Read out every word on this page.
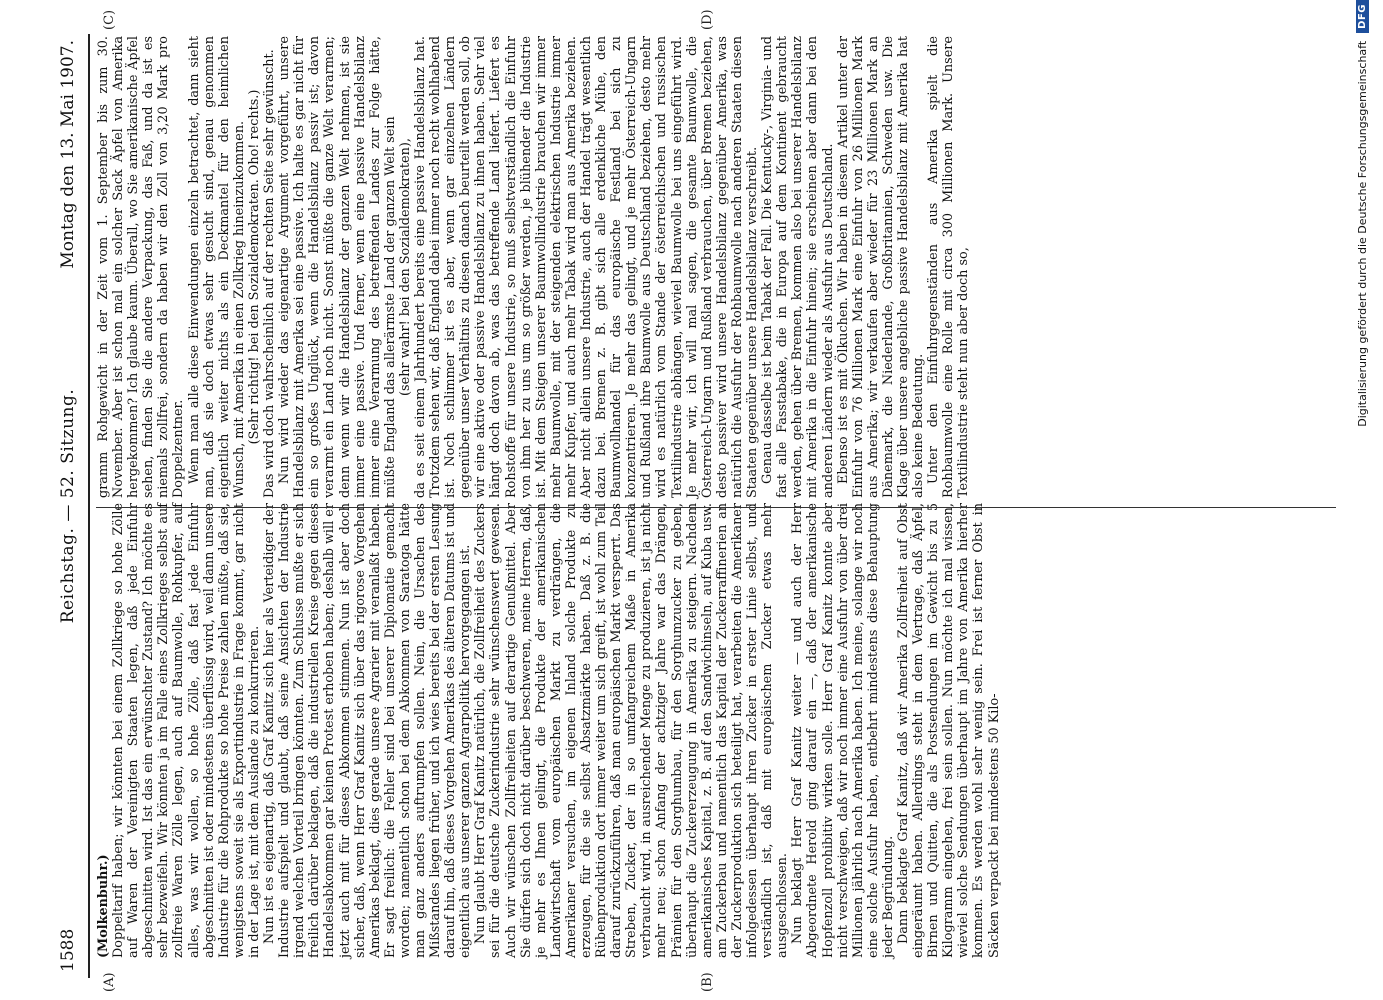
1588
Reichstag. — 52. Sitzung.
Montag den 13. Mai 1907.
(A)	(B)
(C)	(D)

(Molkenbuhr.) Doppeltarif haben; wir könnten bei einem Zollkriege so hohe Zölle auf Waren der Vereinigten Staaten legen, daß jede Einfuhr abgeschnitten wird. Ist das ein erwünschter Zustand? Ich möchte es sehr bezweifeln. Wir könnten ja im Falle eines Zollkrieges selbst auf zollfreie Waren Zölle legen, auch auf Baumwolle, Rohkupfer, auf alles, was wir wollen, so hohe Zölle, daß fast jede Einfuhr abgeschnitten ist oder mindestens überflüssig wird, weil dann unsere Industrie für die Rohprodukte so hohe Preise zahlen müßte, daß sie, wenigstens soweit sie als Exportindustrie in Frage kommt, gar nicht in der Lage ist, mit dem Auslande zu konkurrieren. Nun ist es eigenartig, daß Graf Kanitz sich hier als Verteidiger der Industrie aufspielt und glaubt, daß seine Ansichten der Industrie irgend welchen Vorteil bringen könnten. Zum Schlusse mußte er sich freilich darüber beklagen, daß die industriellen Kreise gegen dieses Handelsabkommen gar keinen Protest erhoben haben; deshalb will er jetzt auch mit für dieses Abkommen stimmen. Nun ist aber doch sicher, daß, wenn Herr Graf Kanitz sich über das rigorose Vorgehen Amerikas beklagt, dies gerade unsere Agrarier mit veranlaßt haben. Er sagt freilich: die Fehler sind bei unserer Diplomatie gemacht worden; namentlich schon bei dem Abkommen von Saratoga hätte man ganz anders auftrumpfen sollen. Nein, die Ursachen des Mißstandes liegen früher, und ich wies bereits bei der ersten Lesung darauf hin, daß dieses Vorgehen Amerikas des älteren Datums ist und eigentlich aus unserer ganzen Agrarpolitik hervorgegangen ist. Nun glaubt Herr Graf Kanitz natürlich, die Zollfreiheit des Zuckers sei für die deutsche Zuckerindustrie sehr wünschenswert gewesen. Auch wir wünschen Zollfreiheiten auf derartige Genußmittel. Aber Sie dürfen sich doch nicht darüber beschweren, meine Herren, daß, je mehr es Ihnen gelingt, die Produkte der amerikanischen Landwirtschaft vom europäischen Markt zu verdrängen, die Amerikaner versuchen, im eigenen Inland solche Produkte zu erzeugen, für die sie selbst Absatzmärkte haben. Daß z. B. die Rübenproduktion dort immer weiter um sich greift, ist wohl zum Teil darauf zurückzuführen, daß man europäischen Markt versperrt. Das Streben, Zucker, der in so umfangreichem Maße in Amerika verbraucht wird, in ausreichender Menge zu produzieren, ist ja nicht mehr neu; schon Anfang der achtziger Jahre war das Drängen, Prämien für den Sorghumbau, für den Sorghumzucker zu geben, überhaupt die Zuckererzeugung in Amerika zu steigern. Nachdem amerikanisches Kapital, z. B. auf den Sandwichinseln, auf Kuba usw. am Zuckerbau und namentlich das Kapital der Zuckerraffinerien an der Zuckerproduktion sich beteiligt hat, verarbeiten die Amerikaner infolgedessen überhaupt ihren Zucker in erster Linie selbst, und verständlich ist, daß mit europäischem Zucker etwas mehr ausgeschlossen. Nun beklagt Herr Graf Kanitz weiter — und auch der Herr Abgeordnete Herold ging darauf ein —, daß der amerikanische Hopfenzoll prohibitiv wirken solle. Herr Graf Kanitz konnte aber nicht verschweigen, daß wir noch immer eine Ausfuhr von über drei Millionen jährlich nach Amerika haben. Ich meine, solange wir noch eine solche Ausfuhr haben, entbehrt mindestens diese Behauptung jeder Begründung. Dann beklagte Graf Kanitz, daß wir Amerika Zollfreiheit auf Obst eingeräumt haben. Allerdings steht in dem Vertrage, daß Äpfel, Birnen und Quitten, die als Postsendungen im Gewicht bis zu 5 Kilogramm eingehen, frei sein sollen. Nun möchte ich mal wissen, wieviel solche Sendungen überhaupt im Jahre von Amerika hierher kommen. Es werden wohl sehr wenig sein. Frei ist ferner Obst in Säcken verpackt bei mindestens 50 Kilo-

gramm Rohgewicht in der Zeit vom 1. September bis zum 30. November. Aber ist schon mal ein solcher Sack Äpfel von Amerika hergekommen? Ich glaube kaum. Überall, wo Sie amerikanische Äpfel sehen, finden Sie die andere Verpackung, das Faß, und da ist es niemals zollfrei, sondern da haben wir den Zoll von 3,20 Mark pro Doppelzentner. Wenn man alle diese Einwendungen einzeln betrachtet, dann sieht man, daß sie doch etwas sehr gesucht sind, genau genommen eigentlich weiter nichts als ein Deckmantel für den heimlichen Wunsch, mit Amerika in einen Zollkrieg hineinzukommen. (Sehr richtig! bei den Sozialdemokraten. Oho! rechts.) Das wird doch wahrscheinlich auf der rechten Seite sehr gewünscht. Nun wird wieder das eigenartige Argument vorgeführt, unsere Handelsbilanz mit Amerika sei eine passive. Ich halte es gar nicht für ein so großes Unglück, wenn die Handelsbilanz passiv ist; davon verarmt ein Land noch nicht. Sonst müßte die ganze Welt verarmen; denn wenn wir die Handelsbilanz der ganzen Welt nehmen, ist sie immer eine passive. Und ferner, wenn eine passive Handelsbilanz immer eine Verarmung des betreffenden Landes zur Folge hätte, müßte England das allerärmste Land der ganzen Welt sein (sehr wahr! bei den Sozialdemokraten), da es seit einem Jahrhundert bereits eine passive Handelsbilanz hat. Trotzdem sehen wir, daß England dabei immer noch recht wohlhabend ist. Noch schlimmer ist es aber, wenn gar einzelnen Ländern gegenüber unser Verhältnis zu diesen danach beurteilt werden soll, ob wir eine aktive oder passive Handelsbilanz zu ihnen haben. Sehr viel hängt doch davon ab, was das betreffende Land liefert. Liefert es Rohstoffe für unsere Industrie, so muß selbstverständlich die Einfuhr von ihm her zu uns um so größer werden, je blühender die Industrie ist. Mit dem Steigen unserer Baumwollindustrie brauchen wir immer mehr Baumwolle, mit der steigenden elektrischen Industrie immer mehr Kupfer, und auch mehr Tabak wird man aus Amerika beziehen. Aber nicht allein unsere Industrie, auch der Handel trägt wesentlich dazu bei. Bremen z. B. gibt sich alle erdenkliche Mühe, den Baumwollhandel für das europäische Festland bei sich zu konzentrieren. Je mehr das gelingt, und je mehr Österreich-Ungarn und Rußland ihre Baumwolle aus Deutschland beziehen, desto mehr wird es natürlich vom Stande der österreichischen und russischen Textilindustrie abhängen, wieviel Baumwolle bei uns eingeführt wird. Je mehr wir, ich will mal sagen, die gesamte Baumwolle, die Österreich-Ungarn und Rußland verbrauchen, über Bremen beziehen, desto passiver wird unsere Handelsbilanz gegenüber Amerika, was natürlich die Ausfuhr der Rohbaumwolle nach anderen Staaten diesen Staaten gegenüber unsere Handelsbilanz verschreibt. Genau dasselbe ist beim Tabak der Fall. Die Kentucky-, Virginia- und fast alle Fasstabake, die in Europa auf dem Kontinent gebraucht werden, gehen über Bremen, kommen also bei unserer Handelsbilanz mit Amerika in die Einfuhr hinein; sie erscheinen aber dann bei den anderen Ländern wieder als Ausfuhr aus Deutschland. Ebenso ist es mit Ölkuchen. Wir haben in diesem Artikel unter der Einfuhr von 76 Millionen Mark eine Einfuhr von 26 Millionen Mark aus Amerika; wir verkaufen aber wieder für 23 Millionen Mark an Dänemark, die Niederlande, Großbritannien, Schweden usw. Die Klage über unsere angebliche passive Handelsbilanz mit Amerika hat also keine Bedeutung. Unter den Einfuhrgegenständen aus Amerika spielt die Rohbaumwolle eine Rolle mit circa 300 Millionen Mark. Unsere Textilindustrie steht nun aber doch so,	Digitalisierung gefördert durch die Deutsche Forschungsgemeinschaft
DFG
